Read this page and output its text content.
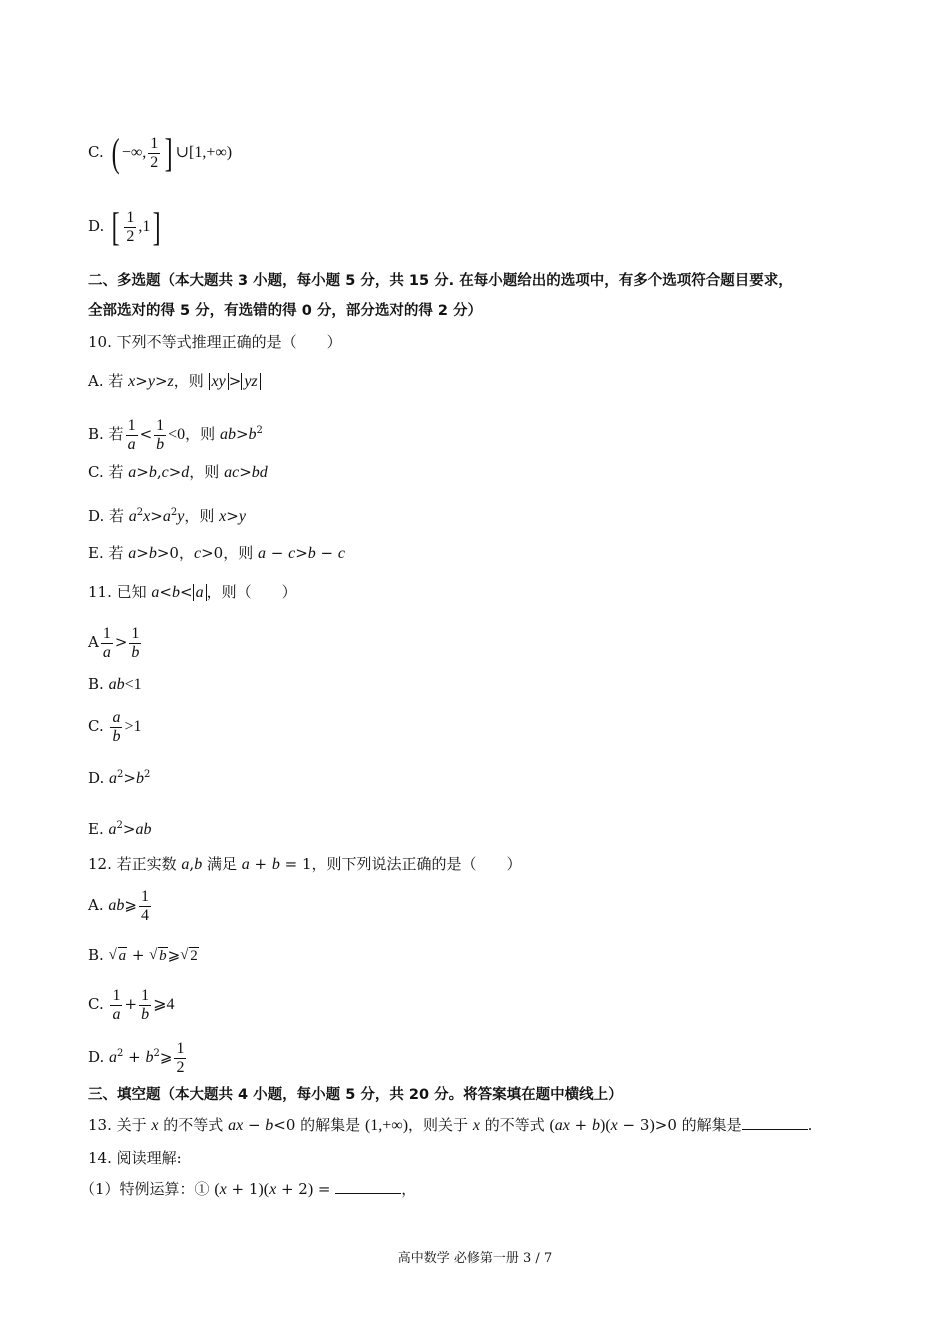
C. ( −∞, $\frac{1}{2}$ ] ∪[1,+∞)
D. [ $\frac{1}{2} ,1$]
二、多选题（本大题共 3 小题，每小题 5 分，共 15 分. 在每小题给出的选项中，有多个选项符合题目要求，
全部选对的得 5 分，有选错的得 0 分，部分选对的得 2 分）
10. 下列不等式推理正确的是（　　）
A. 若 x>y>z，则 xy > yz
B. 若 $\frac{1}{a} < \frac{1}{b} <0$，则 $ab>b^2$
C. 若 a>b,c>d，则 ac>bd
D. 若 $a^2x>a^2y$，则 x>y
E. 若 a>b>0，c>0，则 a − c>b − c
11. 已知 a<b< a ，则（　　）
A $\frac{1}{a} > \frac{1}{b}$
B. ab<1
C. $\frac{a}{b} >1$
D. $a^2>b^2$
E. $a^2>ab$
12. 若正实数 a,b 满足 a + b = 1，则下列说法正确的是（　　）
A. ab⩾ $\frac{1}{4}$
B. √ a + √ b⩾√ 2
C. $\frac{1}{a} + \frac{1}{b}$ ⩾4
D. $a^2$ + $b^2⩾ \frac{1}{2}$
三、填空题（本大题共 4 小题，每小题 5 分，共 20 分。将答案填在题中横线上）
13. 关于 x 的不等式 ax − b<0 的解集是 (1,+∞)，则关于 x 的不等式 (ax + b)(x − 3)>0 的解集是	.
14. 阅读理解:
（1）特例运算：① (x + 1)(x + 2) =	，
高中数学 必修第一册 3 / 7
